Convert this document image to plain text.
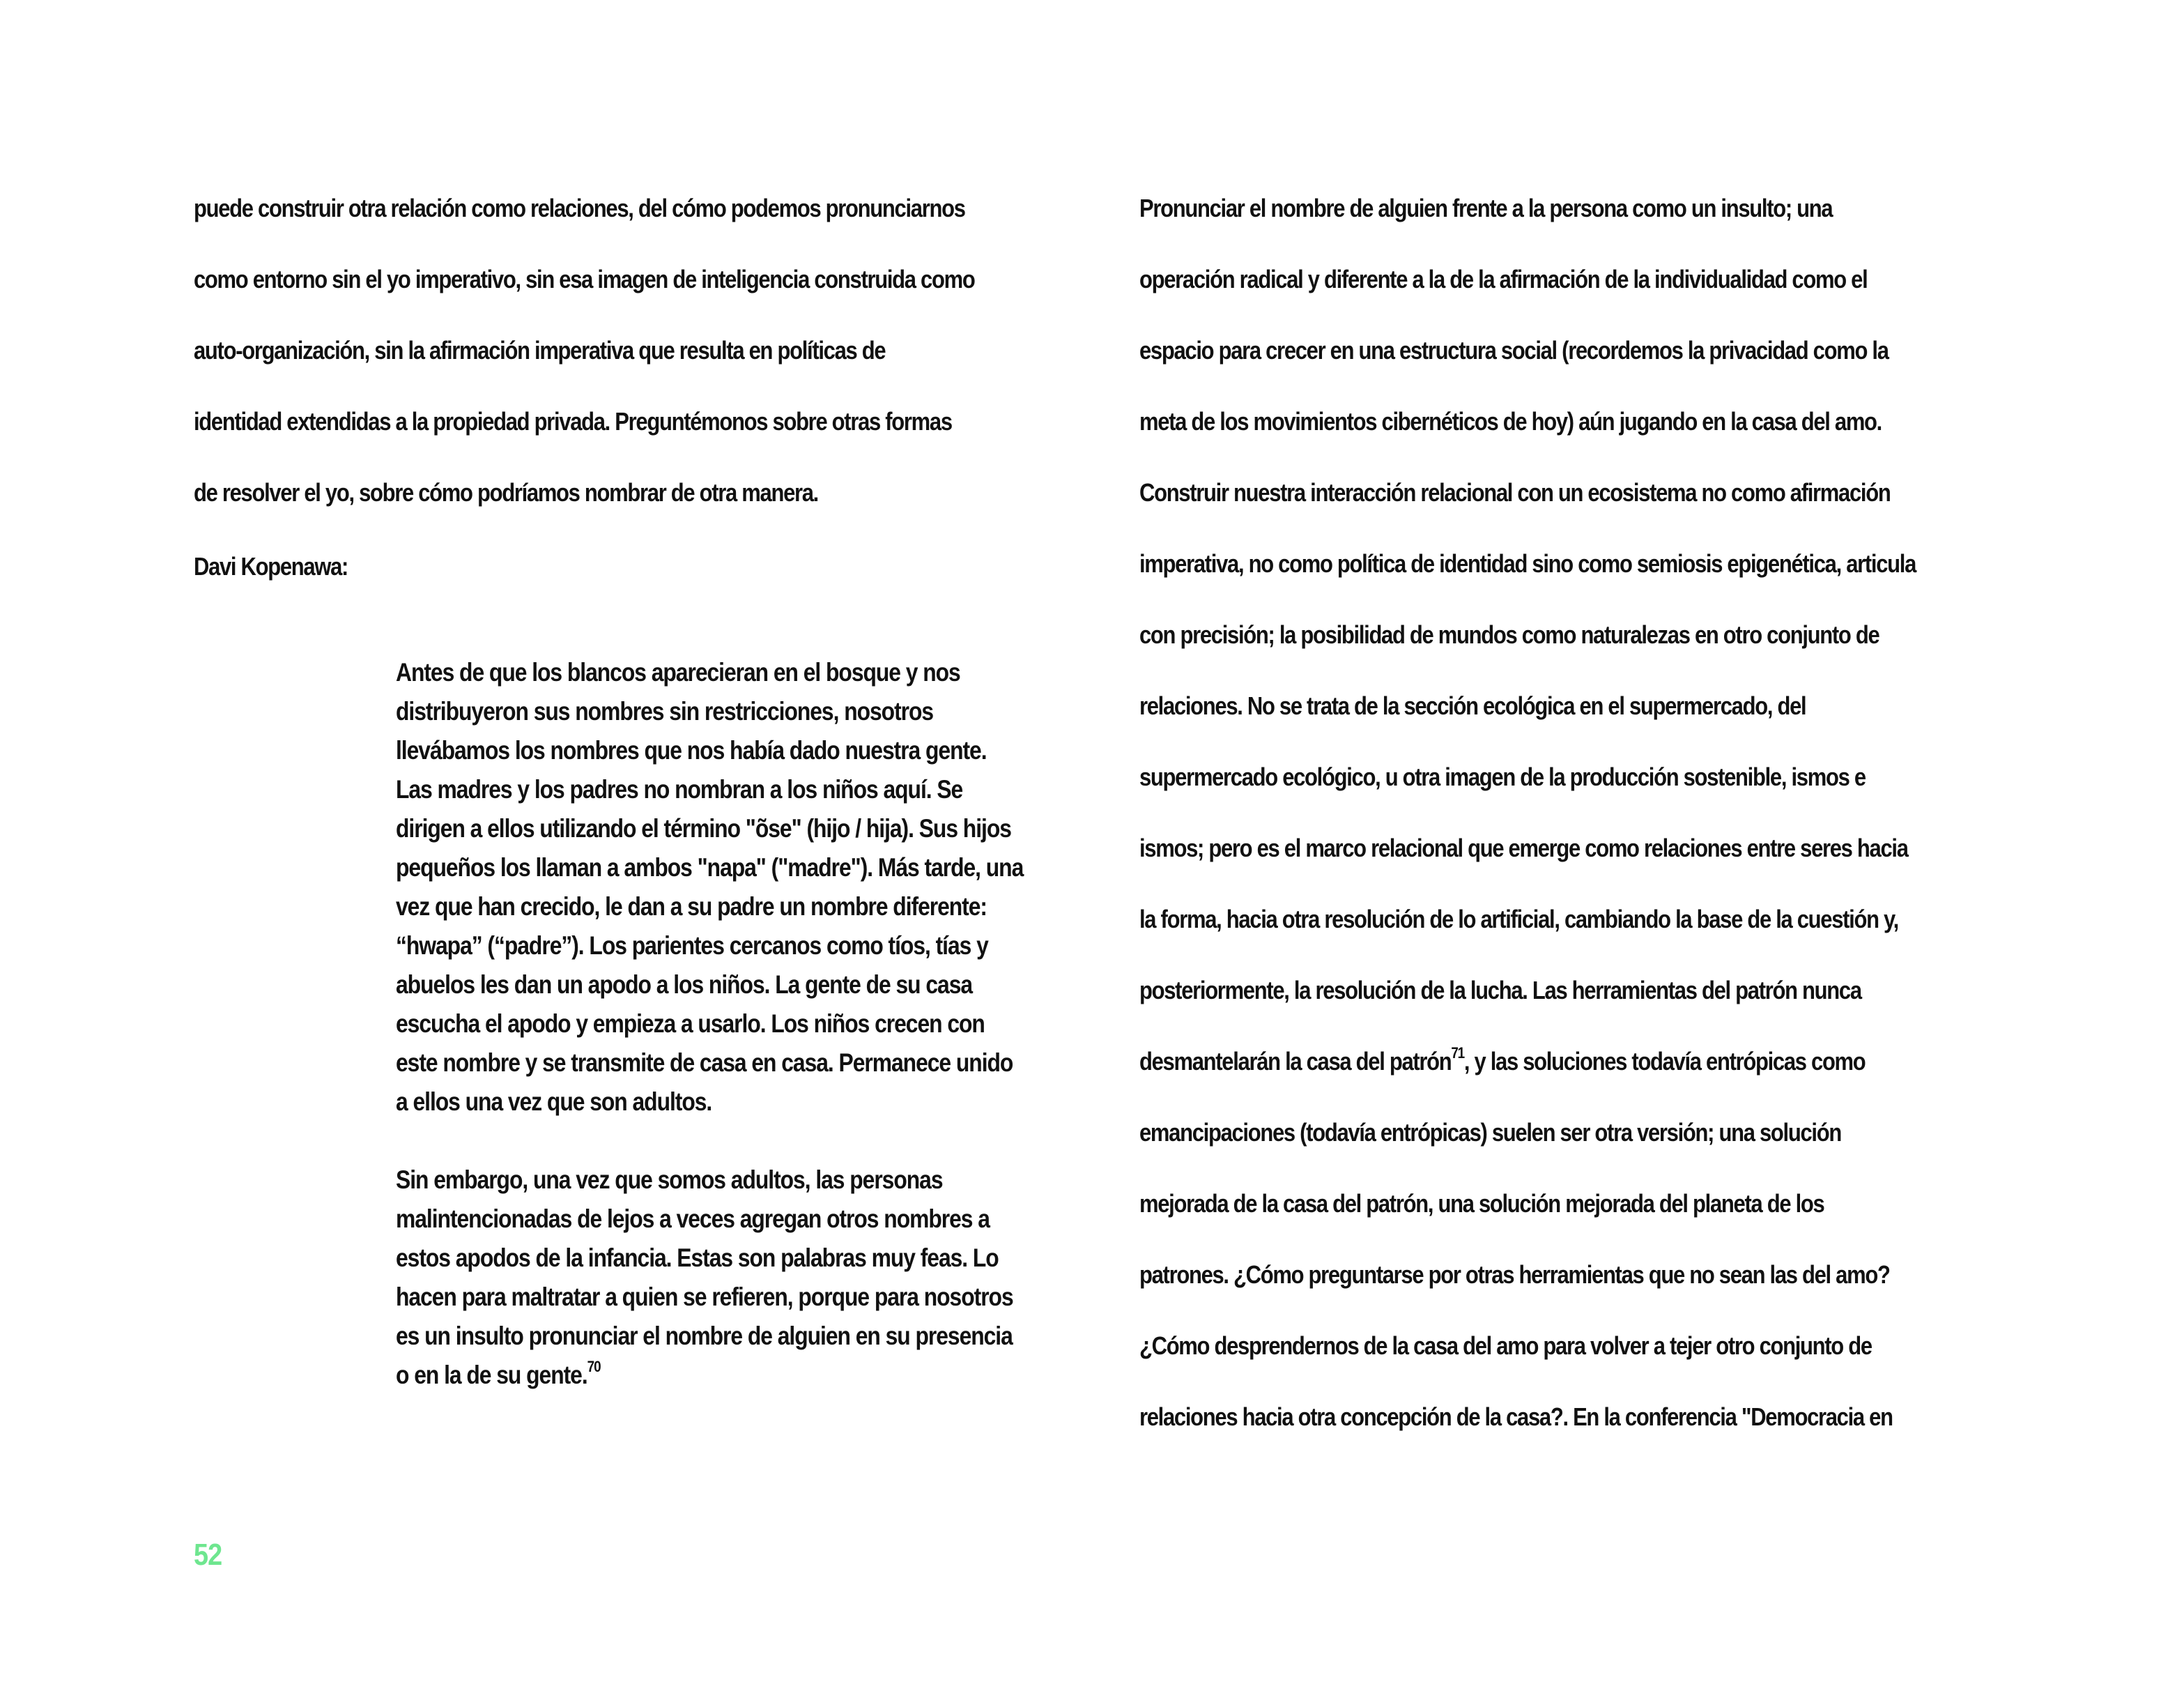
puede construir otra relación como relaciones, del cómo podemos pronunciarnos

como entorno sin el yo imperativo, sin esa imagen de inteligencia construida como

auto-organización, sin la afirmación imperativa que resulta en políticas de

identidad extendidas a la propiedad privada. Preguntémonos sobre otras formas

de resolver el yo, sobre cómo podríamos nombrar de otra manera.

Davi Kopenawa:

Antes de que los blancos aparecieran en el bosque y nos

distribuyeron sus nombres sin restricciones, nosotros

llevábamos los nombres que nos había dado nuestra gente.

Las madres y los padres no nombran a los niños aquí. Se

dirigen a ellos utilizando el término "õse" (hijo / hija). Sus hijos

pequeños los llaman a ambos "napa" ("madre"). Más tarde, una

vez que han crecido, le dan a su padre un nombre diferente:

“hwapa” (“padre”). Los parientes cercanos como tíos, tías y

abuelos les dan un apodo a los niños. La gente de su casa

escucha el apodo y empieza a usarlo. Los niños crecen con

este nombre y se transmite de casa en casa. Permanece unido

a ellos una vez que son adultos.

Sin embargo, una vez que somos adultos, las personas

malintencionadas de lejos a veces agregan otros nombres a

estos apodos de la infancia. Estas son palabras muy feas. Lo

hacen para maltratar a quien se refieren, porque para nosotros

es un insulto pronunciar el nombre de alguien en su presencia

o en la de su gente.$^{70}$

52

Pronunciar el nombre de alguien frente a la persona como un insulto; una

operación radical y diferente a la de la afirmación de la individualidad como el

espacio para crecer en una estructura social (recordemos la privacidad como la

meta de los movimientos cibernéticos de hoy) aún jugando en la casa del amo.

Construir nuestra interacción relacional con un ecosistema no como afirmación

imperativa, no como política de identidad sino como semiosis epigenética, articula

con precisión; la posibilidad de mundos como naturalezas en otro conjunto de

relaciones. No se trata de la sección ecológica en el supermercado, del

supermercado ecológico, u otra imagen de la producción sostenible, ismos e

ismos; pero es el marco relacional que emerge como relaciones entre seres hacia

la forma, hacia otra resolución de lo artificial, cambiando la base de la cuestión y,

posteriormente, la resolución de la lucha. Las herramientas del patrón nunca

desmantelarán la casa del patrón$^{71}$, y las soluciones todavía entrópicas como

emancipaciones (todavía entrópicas) suelen ser otra versión; una solución

mejorada de la casa del patrón, una solución mejorada del planeta de los

patrones. ¿Cómo preguntarse por otras herramientas que no sean las del amo?

¿Cómo desprendernos de la casa del amo para volver a tejer otro conjunto de

relaciones hacia otra concepción de la casa?. En la conferencia "Democracia en
